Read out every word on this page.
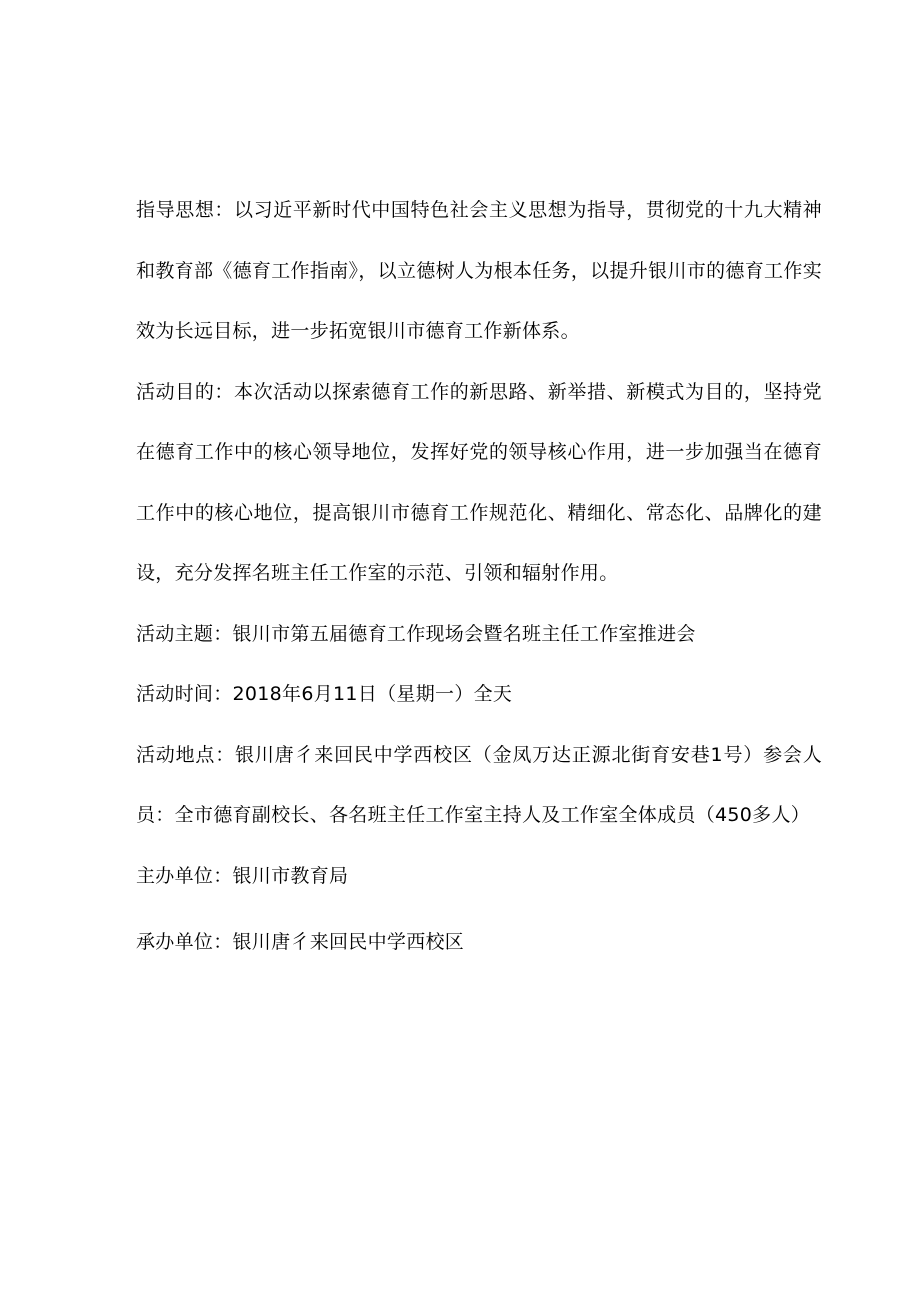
指导思想：以习近平新时代中国特色社会主义思想为指导，贯彻党的十九大精神和教育部《德育工作指南》，以立德树人为根本任务，以提升银川市的德育工作实效为长远目标，进一步拓宽银川市德育工作新体系。

活动目的：本次活动以探索德育工作的新思路、新举措、新模式为目的，坚持党在德育工作中的核心领导地位，发挥好党的领导核心作用，进一步加强当在德育工作中的核心地位，提高银川市德育工作规范化、精细化、常态化、品牌化的建设，充分发挥名班主任工作室的示范、引领和辐射作用。

活动主题：银川市第五届德育工作现场会暨名班主任工作室推进会

活动时间：2018年6月11日（星期一）全天

活动地点：银川唐彳来回民中学西校区（金凤万达正源北街育安巷1号）参会人员：全市德育副校长、各名班主任工作室主持人及工作室全体成员（450多人）

主办单位：银川市教育局

承办单位：银川唐彳来回民中学西校区
